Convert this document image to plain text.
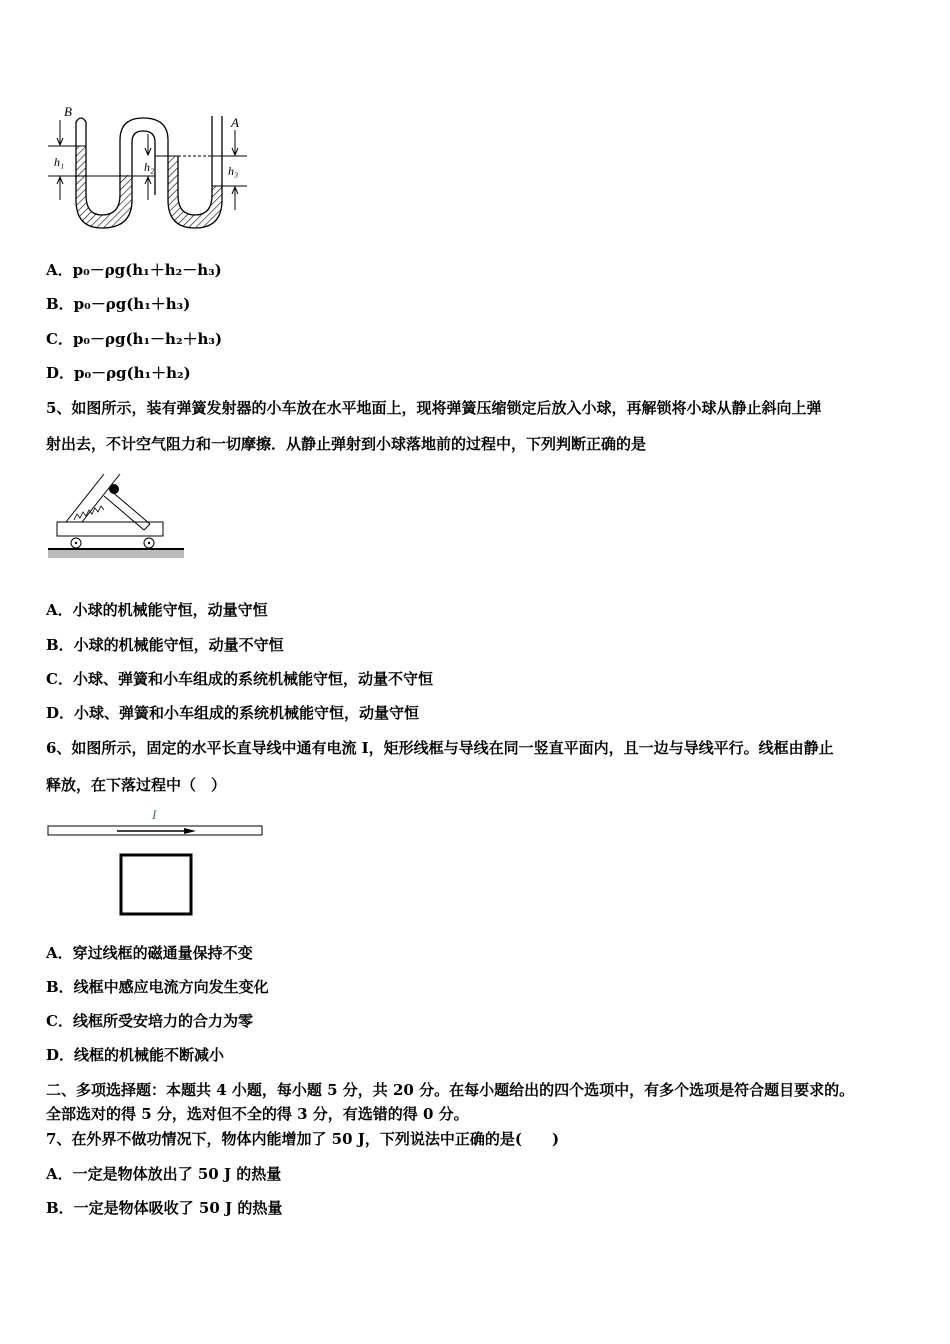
B
A
h₁	h₂	h₃
A．p₀－ρg(h₁＋h₂－h₃)
B．p₀－ρg(h₁＋h₃)
C．p₀－ρg(h₁－h₂＋h₃)
D．p₀－ρg(h₁＋h₂)
5、如图所示，装有弹簧发射器的小车放在水平地面上，现将弹簧压缩锁定后放入小球，再解锁将小球从静止斜向上弹
射出去，不计空气阻力和一切摩擦．从静止弹射到小球落地前的过程中，下列判断正确的是
A．小球的机械能守恒，动量守恒
B．小球的机械能守恒，动量不守恒
C．小球、弹簧和小车组成的系统机械能守恒，动量不守恒
D．小球、弹簧和小车组成的系统机械能守恒，动量守恒
6、如图所示，固定的水平长直导线中通有电流 I，矩形线框与导线在同一竖直平面内，且一边与导线平行。线框由静止
释放，在下落过程中（　）
I
A．穿过线框的磁通量保持不变
B．线框中感应电流方向发生变化
C．线框所受安培力的合力为零
D．线框的机械能不断减小
二、多项选择题：本题共 4 小题，每小题 5 分，共 20 分。在每小题给出的四个选项中，有多个选项是符合题目要求的。
全部选对的得 5 分，选对但不全的得 3 分，有选错的得 0 分。
7、在外界不做功情况下，物体内能增加了 50 J，下列说法中正确的是(　　)
A．一定是物体放出了 50 J 的热量
B．一定是物体吸收了 50 J 的热量
